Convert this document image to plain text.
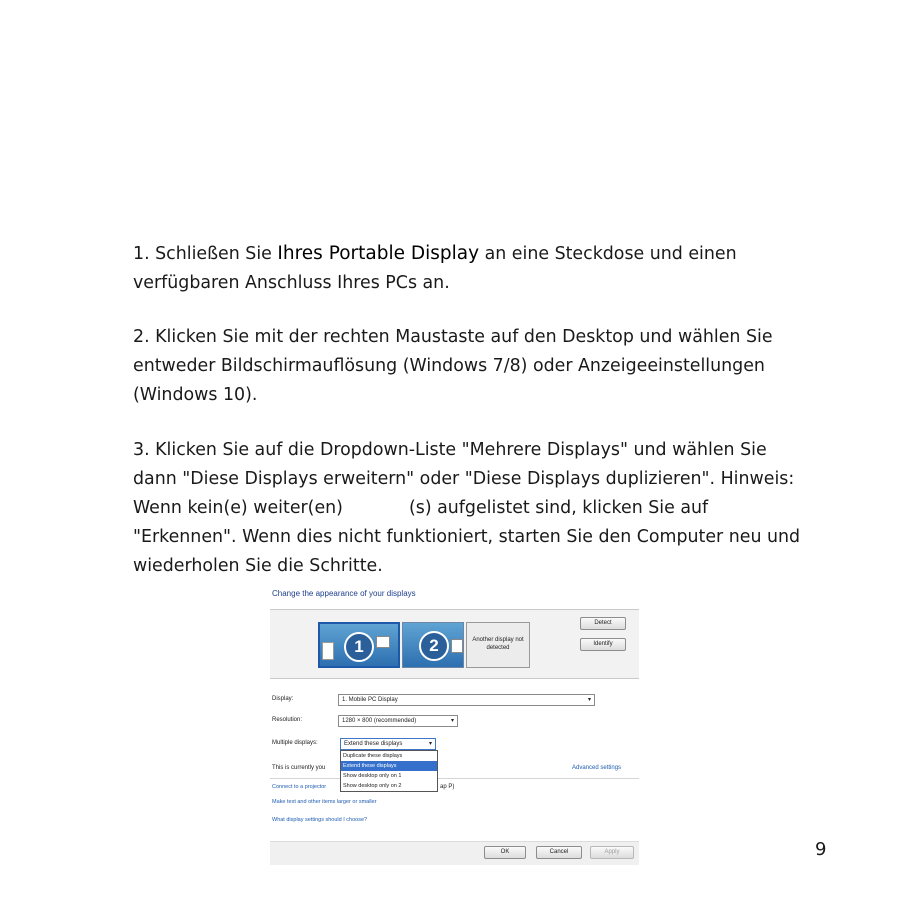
1. Schließen Sie Ihres Portable Display an eine Steckdose und einen verfügbaren Anschluss Ihres PCs an.

2. Klicken Sie mit der rechten Maustaste auf den Desktop und wählen Sie entweder Bildschirmauflösung (Windows 7/8) oder Anzeigeeinstellungen (Windows 10).

3. Klicken Sie auf die Dropdown-Liste "Mehrere Displays" und wählen Sie dann "Diese Displays erweitern" oder "Diese Displays duplizieren". Hinweis: Wenn kein(e) weiter(en)	(s) aufgelistet sind, klicken Sie auf "Erkennen". Wenn dies nicht funktioniert, starten Sie den Computer neu und wiederholen Sie die Schritte.

Change the appearance of your displays
1	2	Another display not detected
Detect
Identify
Display:	1. Mobile PC Display	▾
Resolution:	1280 × 800 (recommended)	▾
Multiple displays:	Extend these displays	▾
This is currently you	Advanced settings
Connect to a projector	ap P)
Make text and other items larger or smaller
What display settings should I choose?
Duplicate these displays
Extend these displays
Show desktop only on 1
Show desktop only on 2
OK	Cancel	Apply	9
